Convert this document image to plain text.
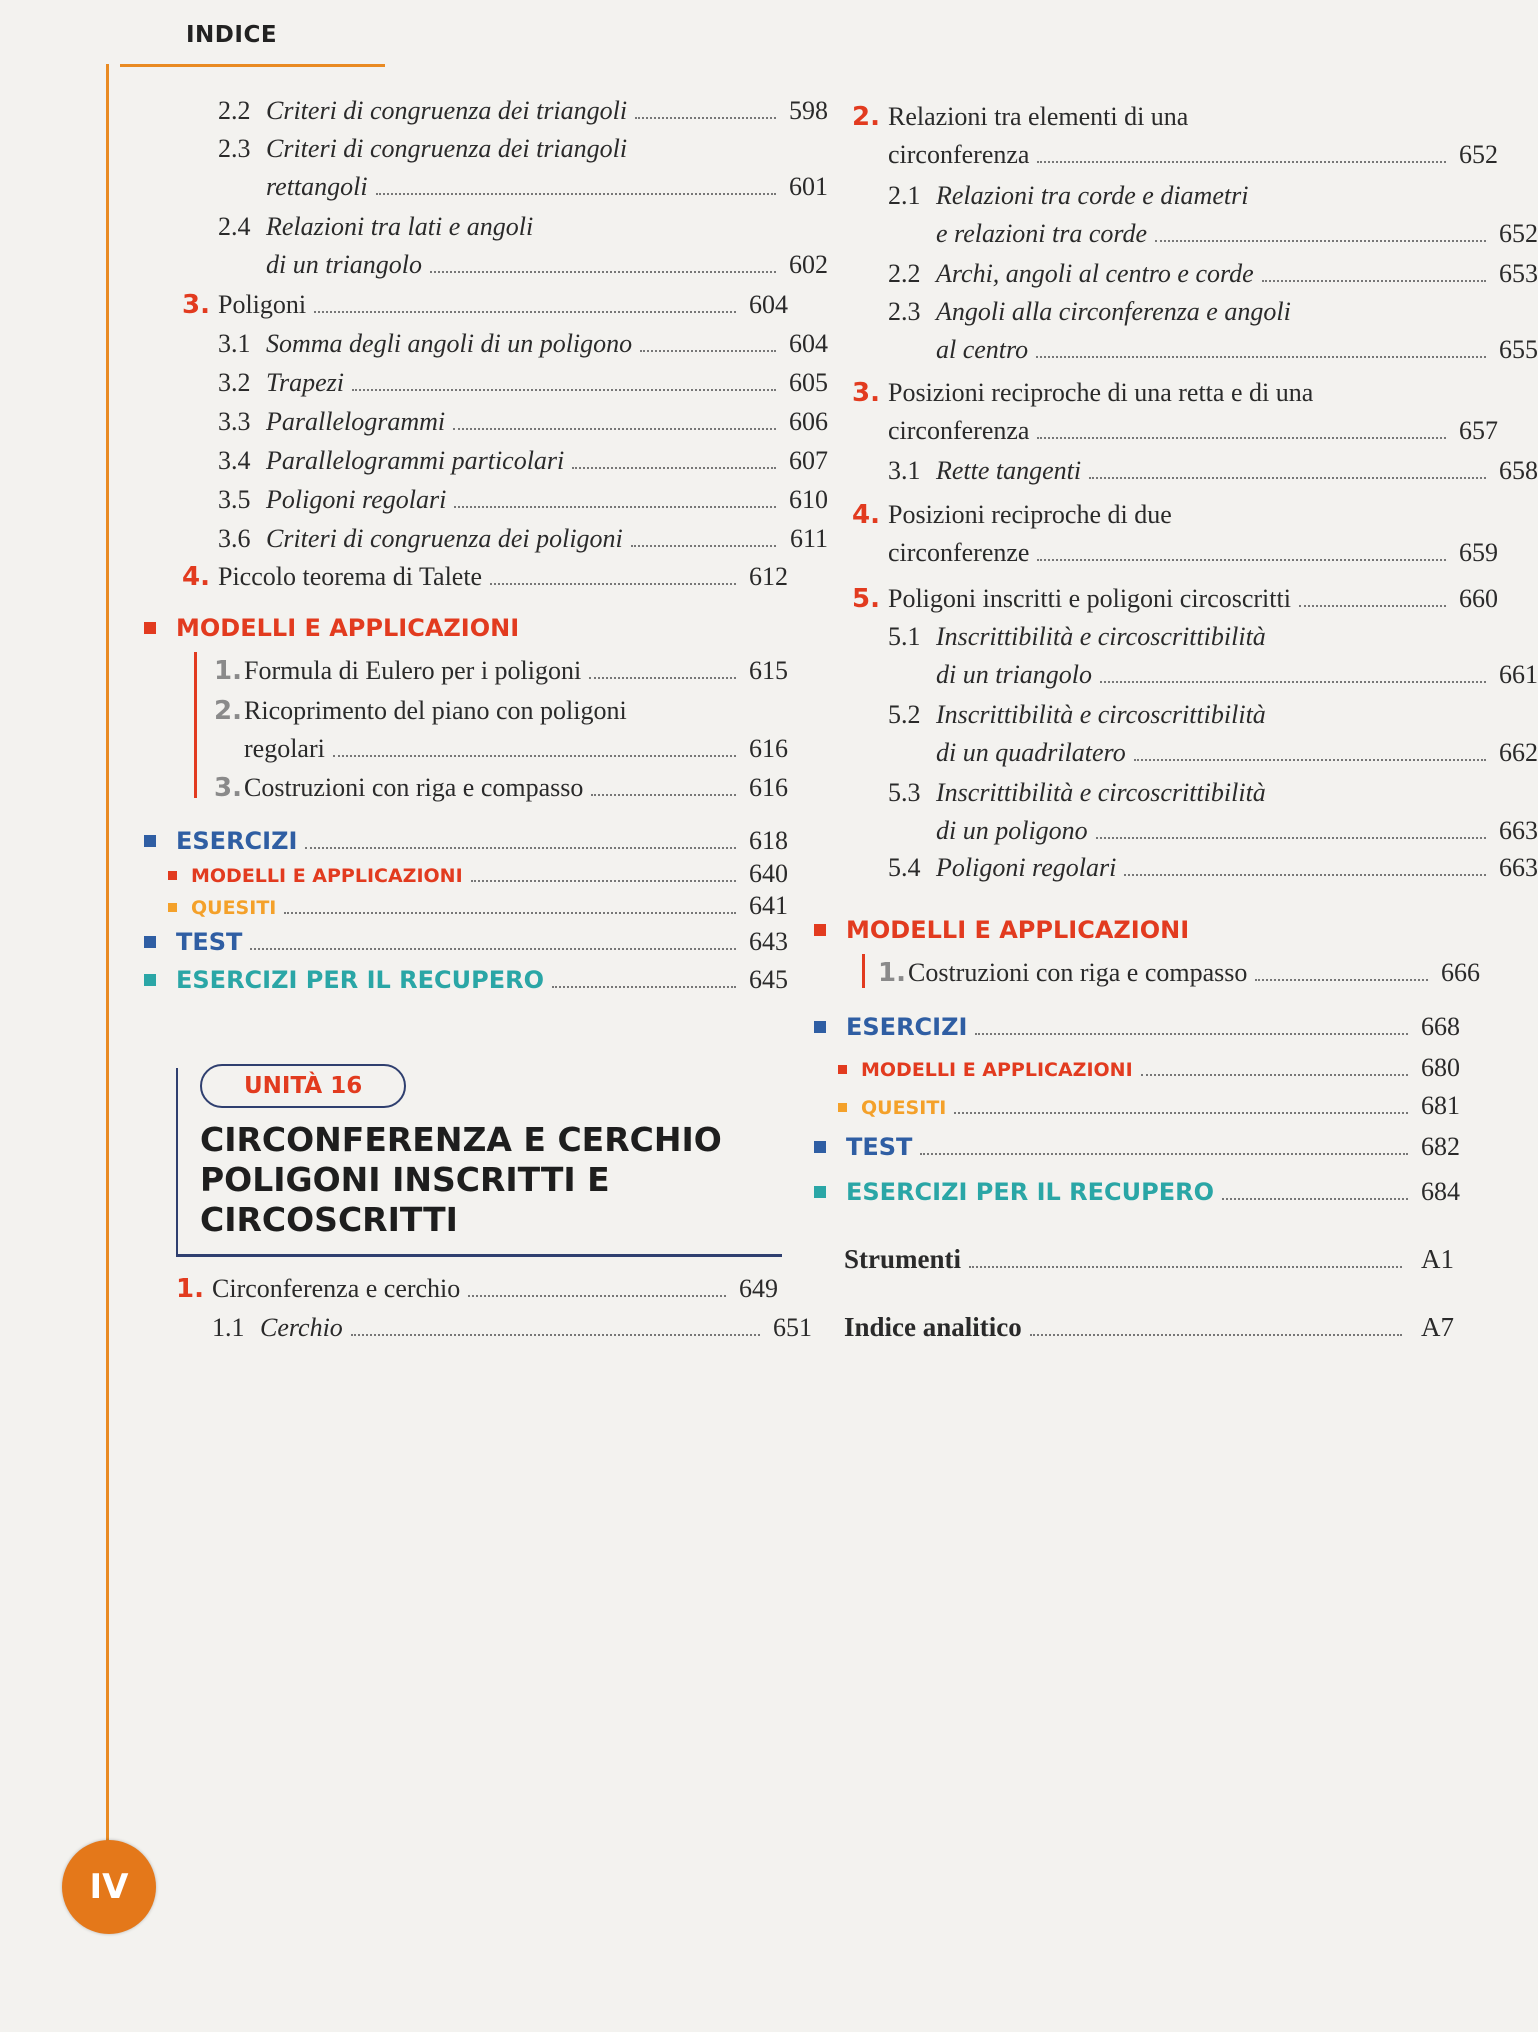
INDICE
IV
2.2 Criteri di congruenza dei triangoli	598
2.3 Criteri di congruenza dei triangoli
rettangoli	601
2.4 Relazioni tra lati e angoli
di un triangolo	602
3. Poligoni	604
3.1 Somma degli angoli di un poligono	604
3.2 Trapezi	605
3.3 Parallelogrammi	606
3.4 Parallelogrammi particolari	607
3.5 Poligoni regolari	610
3.6 Criteri di congruenza dei poligoni	611
4. Piccolo teorema di Talete	612
MODELLI E APPLICAZIONI
1. Formula di Eulero per i poligoni	615
2. Ricoprimento del piano con poligoni
regolari	616
3. Costruzioni con riga e compasso	616
ESERCIZI	618
MODELLI E APPLICAZIONI	640
QUESITI	641
TEST	643
ESERCIZI PER IL RECUPERO	645
UNITÀ 16
CIRCONFERENZA E CERCHIO
POLIGONI INSCRITTI E
CIRCOSCRITTI
1. Circonferenza e cerchio	649
1.1 Cerchio	651
2. Relazioni tra elementi di una
circonferenza	652
2.1 Relazioni tra corde e diametri
e relazioni tra corde	652
2.2 Archi, angoli al centro e corde	653
2.3 Angoli alla circonferenza e angoli
al centro	655
3. Posizioni reciproche di una retta e di una
circonferenza	657
3.1 Rette tangenti	658
4. Posizioni reciproche di due
circonferenze	659
5. Poligoni inscritti e poligoni circoscritti	660
5.1 Inscrittibilità e circoscrittibilità
di un triangolo	661
5.2 Inscrittibilità e circoscrittibilità
di un quadrilatero	662
5.3 Inscrittibilità e circoscrittibilità
di un poligono	663
5.4 Poligoni regolari	663
MODELLI E APPLICAZIONI
1. Costruzioni con riga e compasso	666
ESERCIZI	668
MODELLI E APPLICAZIONI	680
QUESITI	681
TEST	682
ESERCIZI PER IL RECUPERO	684
Strumenti	A1
Indice analitico	A7
